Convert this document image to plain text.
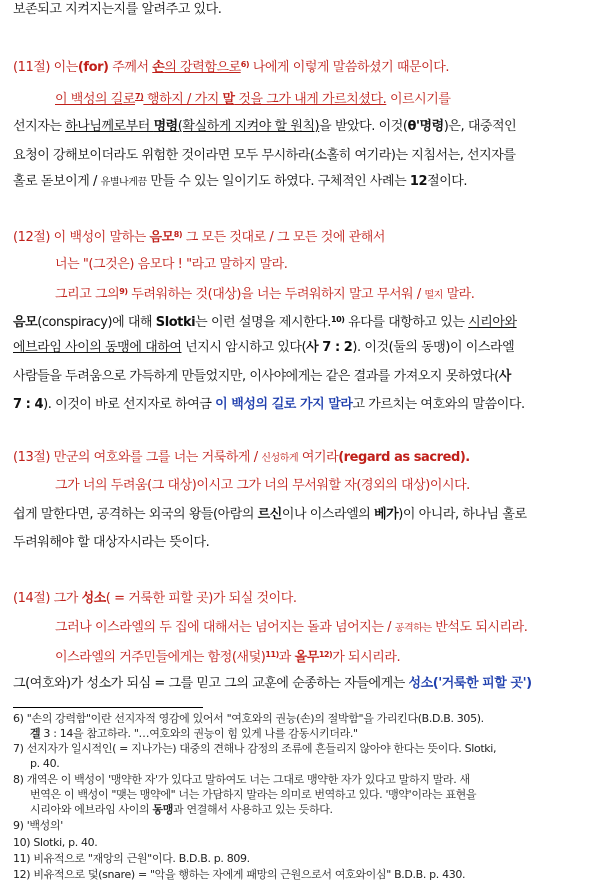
보존되고 지켜지는지를 알려주고 있다.
(11절) 이는(for) 주께서 손의 강력함으로$^{6)}$ 나에게 이렇게 말씀하셨기 때문이다.
이 백성의 길로$^{7)}$ 행하지 / 가지 말 것을 그가 내게 가르치셨다. 이르시기를
선지자는 하나님께로부터 명령(확실하게 지켜야 할 원칙)을 받았다. 이것(θ'명령)은, 대중적인
요청이 강해보이더라도 위험한 것이라면 모두 무시하라(소홀히 여기라)는 지침서는, 선지자를
홀로 돋보이게 / 유별나게끔 만들 수 있는 일이기도 하였다. 구체적인 사례는 12절이다.
(12절) 이 백성이 말하는 음모$^{8)}$ 그 모든 것대로 / 그 모든 것에 관해서
너는 "(그것은) 음모다 ! "라고 말하지 말라.
그리고 그의$^{9)}$ 두려워하는 것(대상)을 너는 두려워하지 말고 무서워 / 떨지 말라.
음모(conspiracy)에 대해 Slotki는 이런 설명을 제시한다.$^{10)}$ 유다를 대항하고 있는 시리아와
에브라임 사이의 동맹에 대하여 넌지시 암시하고 있다(사 7 : 2). 이것(둘의 동맹)이 이스라엘
사람들을 두려움으로 가득하게 만들었지만, 이사야에게는 같은 결과를 가져오지 못하였다(사
7 : 4). 이것이 바로 선지자로 하여금 이 백성의 길로 가지 말라고 가르치는 여호와의 말씀이다.
(13절) 만군의 여호와를 그를 너는 거룩하게 / 신성하게 여기라(regard as sacred).
그가 너의 두려움(그 대상)이시고 그가 너의 무서워할 자(경외의 대상)이시다.
쉽게 말한다면, 공격하는 외국의 왕들(아람의 르신이나 이스라엘의 베가)이 아니라, 하나님 홀로
두려워해야 할 대상자시라는 뜻이다.
(14절) 그가 성소( = 거룩한 피할 곳)가 되실 것이다.
그러나 이스라엘의 두 집에 대해서는 넘어지는 돌과 넘어지는 / 공격하는 반석도 되시리라.
이스라엘의 거주민들에게는 함정(새덫)$^{11)}$과 올무$^{12)}$가 되시리라.
그(여호와)가 성소가 되심 = 그를 믿고 그의 교훈에 순종하는 자들에게는 성소('거룩한 피할 곳')
6) "손의 강력함"이란 선지자적 영감에 있어서 "여호와의 권능(손)의 절박함"을 가리킨다(B.D.B. 305).
겔 3 : 14을 참고하라. "…여호와의 권능이 힘 있게 나를 감동시키더라."
7) 선지자가 일시적인( = 지나가는) 대중의 견해나 감정의 조류에 흔들리지 않아야 한다는 뜻이다. Slotki,
p. 40.
8) 개역은 이 백성이 '맹약한 자'가 있다고 말하여도 너는 그대로 맹약한 자가 있다고 말하지 말라. 새
번역은 이 백성이 "맺는 맹약에" 너는 가담하지 말라는 의미로 번역하고 있다. '맹약'이라는 표현을
시리아와 에브라임 사이의 동맹과 연결해서 사용하고 있는 듯하다.
9) '백성의'
10) Slotki, p. 40.
11) 비유적으로 "재앙의 근원"이다. B.D.B. p. 809.
12) 비유적으로 덫(snare) = "악을 행하는 자에게 패망의 근원으로서 여호와이심" B.D.B. p. 430.
